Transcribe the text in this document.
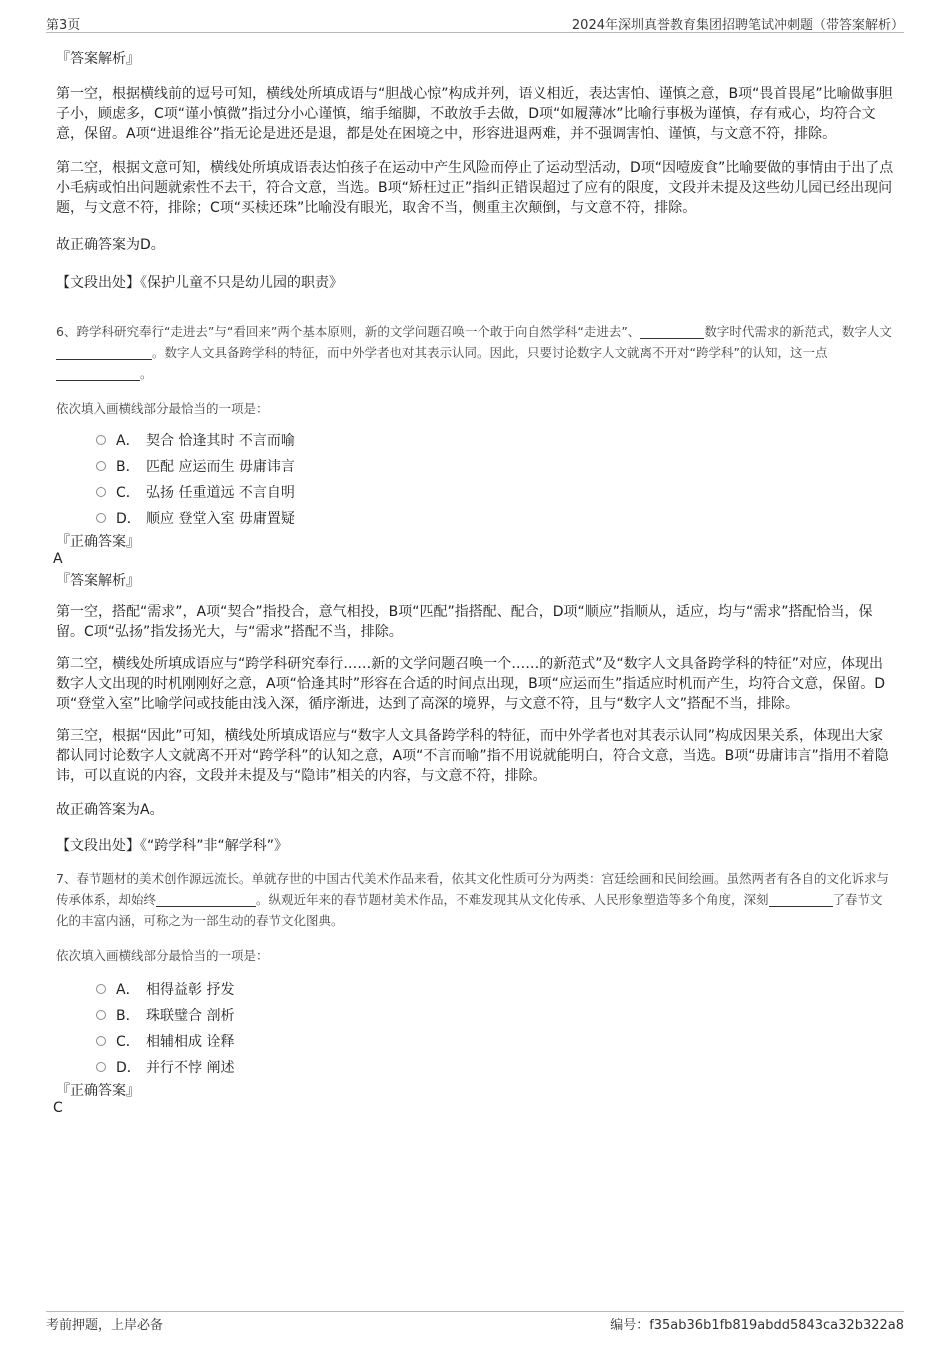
第3页	2024年深圳真誉教育集团招聘笔试冲刺题（带答案解析）

『答案解析』

第一空，根据横线前的逗号可知，横线处所填成语与“胆战心惊”构成并列，语义相近，表达害怕、谨慎之意，B项“畏首畏尾”比喻做事胆子小，顾虑多，C项“谨小慎微”指过分小心谨慎，缩手缩脚，不敢放手去做，D项“如履薄冰”比喻行事极为谨慎，存有戒心，均符合文意，保留。A项“进退维谷”指无论是进还是退，都是处在困境之中，形容进退两难，并不强调害怕、谨慎，与文意不符，排除。

第二空，根据文意可知，横线处所填成语表达怕孩子在运动中产生风险而停止了运动型活动，D项“因噎废食”比喻要做的事情由于出了点小毛病或怕出问题就索性不去干，符合文意，当选。B项“矫枉过正”指纠正错误超过了应有的限度，文段并未提及这些幼儿园已经出现问题，与文意不符，排除；C项“买椟还珠”比喻没有眼光，取舍不当，侧重主次颠倒，与文意不符，排除。

故正确答案为D。

【文段出处】《保护儿童不只是幼儿园的职责》

6、跨学科研究奉行“走进去”与“看回来”两个基本原则，新的文学问题召唤一个敢于向自然学科“走进去”、	数字时代需求的新范式，数字人文。数字人文具备跨学科的特征，而中外学者也对其表示认同。因此，只要讨论数字人文就离不开对“跨学科”的认知，这一点。

依次填入画横线部分最恰当的一项是：

A． 契合 恰逢其时 不言而喻
B． 匹配 应运而生 毋庸讳言
C． 弘扬 任重道远 不言自明
D． 顺应 登堂入室 毋庸置疑

『正确答案』

A

『答案解析』

第一空，搭配“需求”，A项“契合”指投合，意气相投，B项“匹配”指搭配、配合，D项“顺应”指顺从，适应，均与“需求”搭配恰当，保留。C项“弘扬”指发扬光大，与“需求”搭配不当，排除。

第二空，横线处所填成语应与“跨学科研究奉行……新的文学问题召唤一个……的新范式”及“数字人文具备跨学科的特征”对应，体现出数字人文出现的时机刚刚好之意，A项“恰逢其时”形容在合适的时间点出现，B项“应运而生”指适应时机而产生，均符合文意，保留。D项“登堂入室”比喻学问或技能由浅入深，循序渐进，达到了高深的境界，与文意不符，且与“数字人文”搭配不当，排除。

第三空，根据“因此”可知，横线处所填成语应与“数字人文具备跨学科的特征，而中外学者也对其表示认同”构成因果关系，体现出大家都认同讨论数字人文就离不开对“跨学科”的认知之意，A项“不言而喻”指不用说就能明白，符合文意，当选。B项“毋庸讳言”指用不着隐讳，可以直说的内容，文段并未提及与“隐讳”相关的内容，与文意不符，排除。

故正确答案为A。

【文段出处】《“跨学科”非“解学科”》

7、春节题材的美术创作源远流长。单就存世的中国古代美术作品来看，依其文化性质可分为两类：宫廷绘画和民间绘画。虽然两者有各自的文化诉求与传承体系，却始终	。纵观近年来的春节题材美术作品，不难发现其从文化传承、人民形象塑造等多个角度，深刻	了春节文化的丰富内涵，可称之为一部生动的春节文化图典。

依次填入画横线部分最恰当的一项是：

A． 相得益彰 抒发
B． 珠联璧合 剖析
C． 相辅相成 诠释
D． 并行不悖 阐述

『正确答案』

C

考前押题，上岸必备	编号：f35ab36b1fb819abdd5843ca32b322a8
